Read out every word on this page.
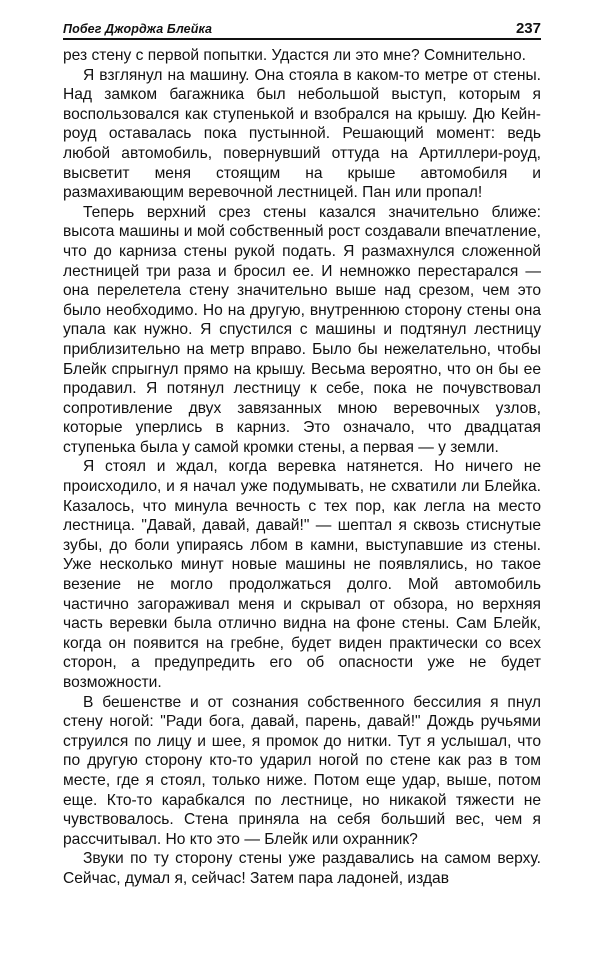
Побег Джорджа Блейка	237

рез стену с первой попытки. Удастся ли это мне? Сомнительно.

Я взглянул на машину. Она стояла в каком-то метре от стены. Над замком багажника был небольшой выступ, которым я воспользовался как ступенькой и взобрался на крышу. Дю Кейн-роуд оставалась пока пустынной. Решающий момент: ведь любой автомобиль, повернувший оттуда на Артиллери-роуд, высветит меня стоящим на крыше автомобиля и размахивающим веревочной лестницей. Пан или пропал!

Теперь верхний срез стены казался значительно ближе: высота машины и мой собственный рост создавали впечатление, что до карниза стены рукой подать. Я размахнулся сложенной лестницей три раза и бросил ее. И немножко перестарался — она перелетела стену значительно выше над срезом, чем это было необходимо. Но на другую, внутреннюю сторону стены она упала как нужно. Я спустился с машины и подтянул лестницу приблизительно на метр вправо. Было бы нежелательно, чтобы Блейк спрыгнул прямо на крышу. Весьма вероятно, что он бы ее продавил. Я потянул лестницу к себе, пока не почувствовал сопротивление двух завязанных мною веревочных узлов, которые уперлись в карниз. Это означало, что двадцатая ступенька была у самой кромки стены, а первая — у земли.

Я стоял и ждал, когда веревка натянется. Но ничего не происходило, и я начал уже подумывать, не схватили ли Блейка. Казалось, что минула вечность с тех пор, как легла на место лестница. "Давай, давай, давай!" — шептал я сквозь стиснутые зубы, до боли упираясь лбом в камни, выступавшие из стены. Уже несколько минут новые машины не появлялись, но такое везение не могло продолжаться долго. Мой автомобиль частично загораживал меня и скрывал от обзора, но верхняя часть веревки была отлично видна на фоне стены. Сам Блейк, когда он появится на гребне, будет виден практически со всех сторон, а предупредить его об опасности уже не будет возможности.

В бешенстве и от сознания собственного бессилия я пнул стену ногой: "Ради бога, давай, парень, давай!" Дождь ручьями струился по лицу и шее, я промок до нитки. Тут я услышал, что по другую сторону кто-то ударил ногой по стене как раз в том месте, где я стоял, только ниже. Потом еще удар, выше, потом еще. Кто-то карабкался по лестнице, но никакой тяжести не чувствовалось. Стена приняла на себя больший вес, чем я рассчитывал. Но кто это — Блейк или охранник?

Звуки по ту сторону стены уже раздавались на самом верху. Сейчас, думал я, сейчас! Затем пара ладоней, издав
